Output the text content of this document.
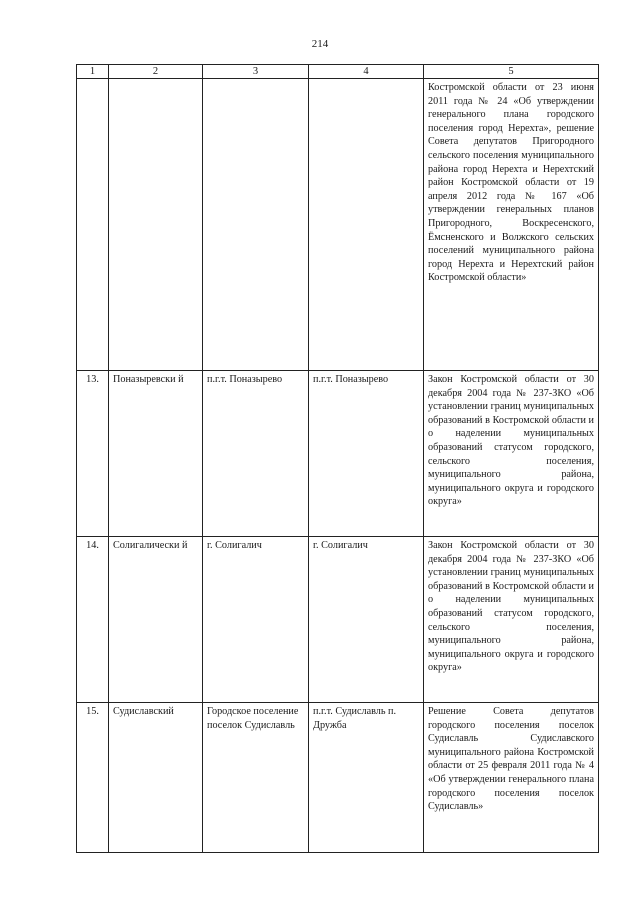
214
1	2	3	4	5
				Костромской области от 23 июня 2011 года № 24 «Об утверждении генерального плана городского поселения город Нерехта», решение Совета депутатов Пригородного сельского поселения муниципального района город Нерехта и Нерехтский район Костромской области от 19 апреля 2012 года № 167 «Об утверждении генеральных планов Пригородного, Воскресенского, Ёмсненского и Волжского сельских поселений муниципального района город Нерехта и Нерехтский район Костромской области»
13.	Поназыревски й	п.г.т. Поназырево	п.г.т. Поназырево	Закон Костромской области от 30 декабря 2004 года № 237-ЗКО «Об установлении границ муниципальных образований в Костромской области и о наделении муниципальных образований статусом городского, сельского поселения, муниципального района, муниципального округа и городского округа»
14.	Солигалически й	г. Солигалич	г. Солигалич	Закон Костромской области от 30 декабря 2004 года № 237-ЗКО «Об установлении границ муниципальных образований в Костромской области и о наделении муниципальных образований статусом городского, сельского поселения, муниципального района, муниципального округа и городского округа»
15.	Судиславский	Городское поселение поселок Судиславль	п.г.т. Судиславль п. Дружба	Решение Совета депутатов городского поселения поселок Судиславль Судиславского муниципального района Костромской области от 25 февраля 2011 года № 4 «Об утверждении генерального плана городского поселения поселок Судиславль»
